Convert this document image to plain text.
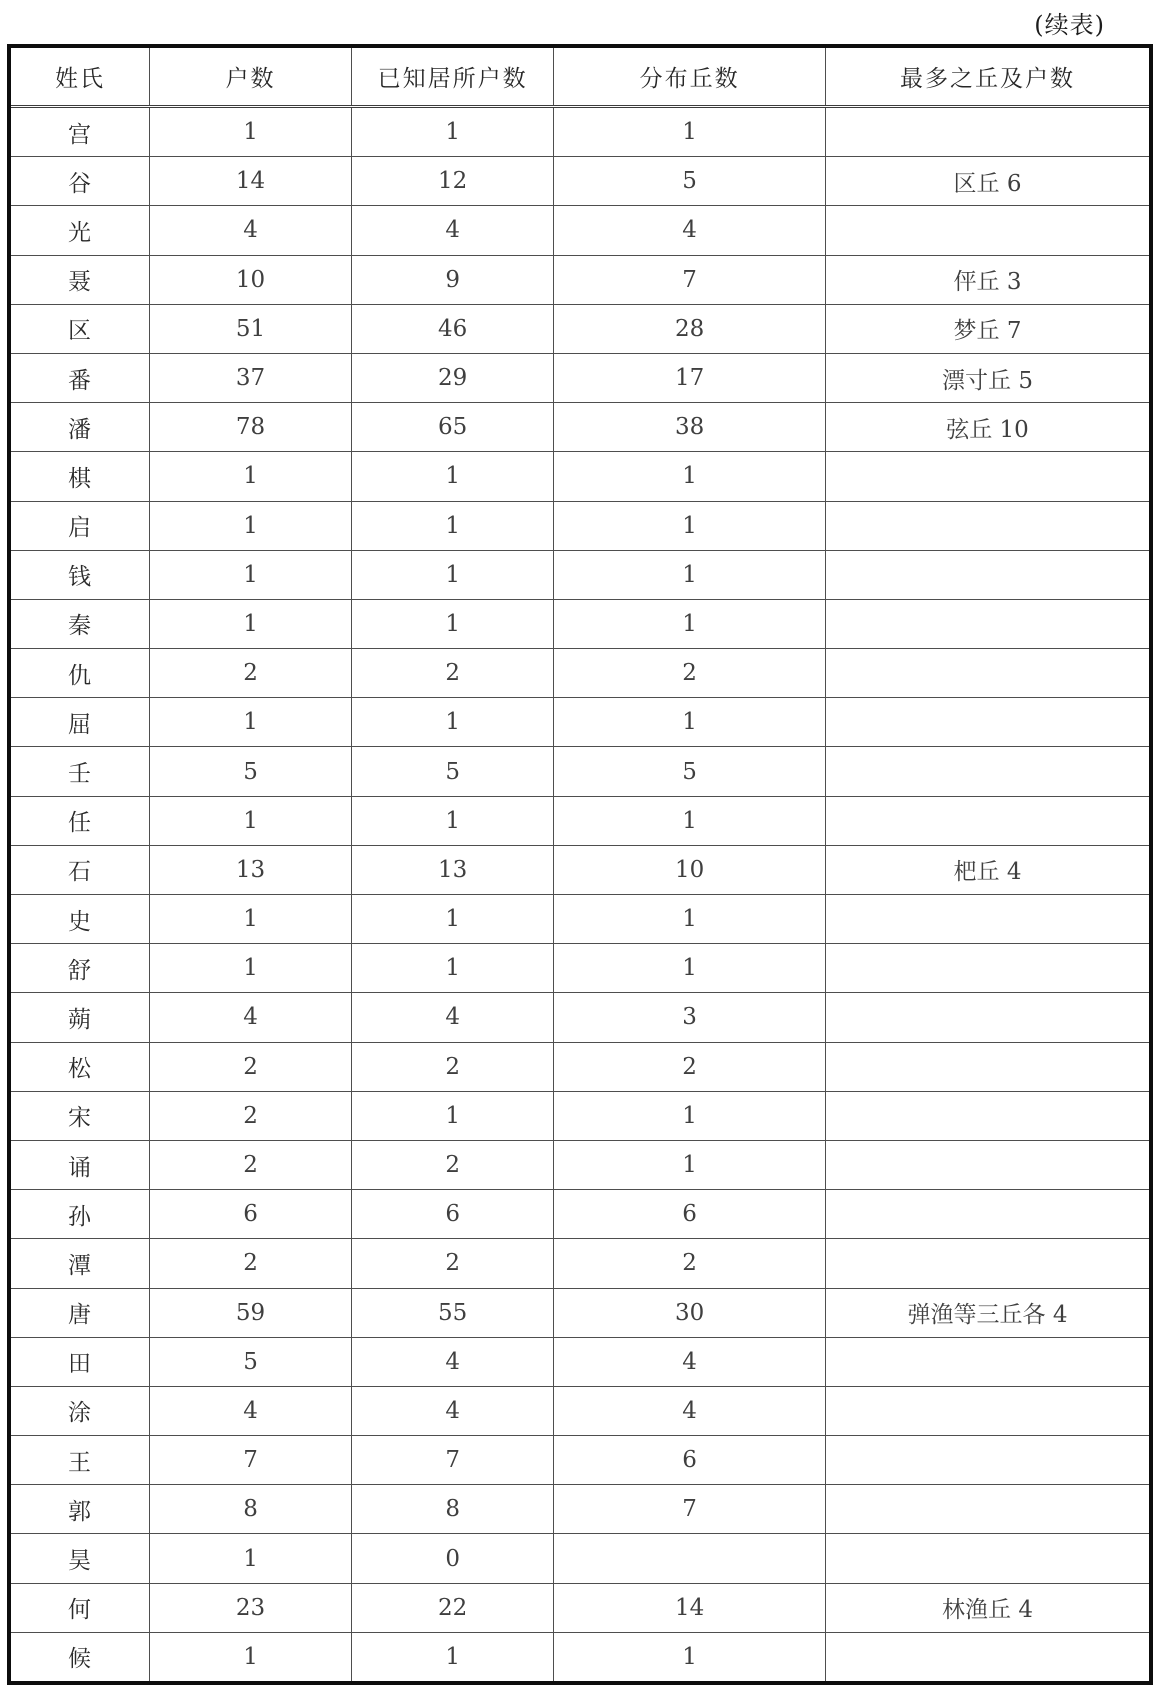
(续表)
姓氏	户数	已知居所户数	分布丘数	最多之丘及户数
宫	1	1	1	
谷	14	12	5	区丘 6
光	4	4	4	
聂	10	9	7	伻丘 3
区	51	46	28	梦丘 7
番	37	29	17	漂寸丘 5
潘	78	65	38	弦丘 10
棋	1	1	1	
启	1	1	1	
钱	1	1	1	
秦	1	1	1	
仇	2	2	2	
屈	1	1	1	
壬	5	5	5	
任	1	1	1	
石	13	13	10	杷丘 4
史	1	1	1	
舒	1	1	1	
蒴	4	4	3	
松	2	2	2	
宋	2	1	1	
诵	2	2	1	
孙	6	6	6	
潭	2	2	2	
唐	59	55	30	弹渔等三丘各 4
田	5	4	4	
涂	4	4	4	
王	7	7	6	
郭	8	8	7	
昊	1	0		
何	23	22	14	林渔丘 4
候	1	1	1	
